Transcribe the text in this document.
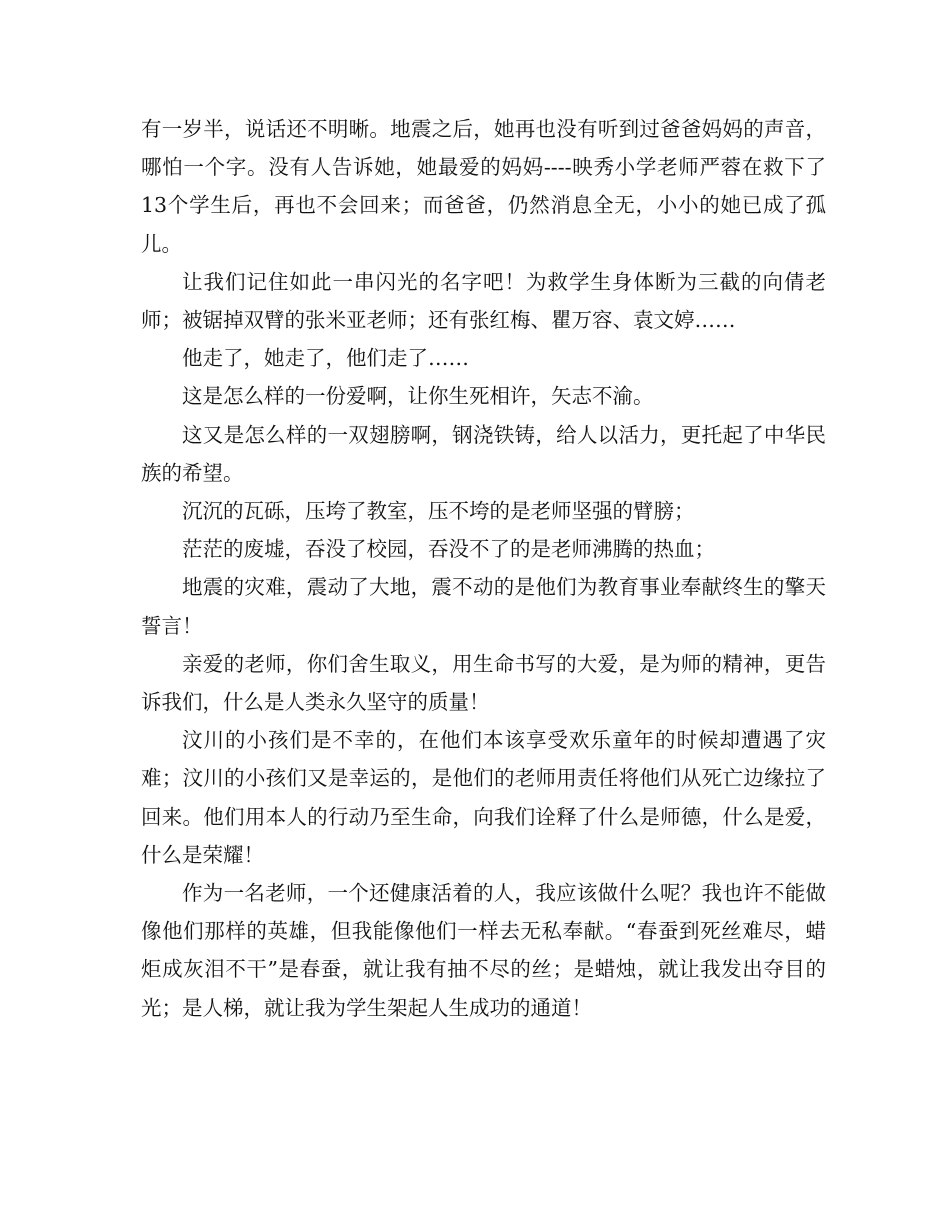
有一岁半，说话还不明晰。地震之后，她再也没有听到过爸爸妈妈的声音，哪怕一个字。没有人告诉她，她最爱的妈妈----映秀小学老师严蓉在救下了13个学生后，再也不会回来；而爸爸，仍然消息全无，小小的她已成了孤儿。

让我们记住如此一串闪光的名字吧！为救学生身体断为三截的向倩老师；被锯掉双臂的张米亚老师；还有张红梅、瞿万容、袁文婷……

他走了，她走了，他们走了……

这是怎么样的一份爱啊，让你生死相许，矢志不渝。

这又是怎么样的一双翅膀啊，钢浇铁铸，给人以活力，更托起了中华民族的希望。

沉沉的瓦砾，压垮了教室，压不垮的是老师坚强的臂膀；

茫茫的废墟，吞没了校园，吞没不了的是老师沸腾的热血；

地震的灾难，震动了大地，震不动的是他们为教育事业奉献终生的擎天誓言！

亲爱的老师，你们舍生取义，用生命书写的大爱，是为师的精神，更告诉我们，什么是人类永久坚守的质量！

汶川的小孩们是不幸的，在他们本该享受欢乐童年的时候却遭遇了灾难；汶川的小孩们又是幸运的，是他们的老师用责任将他们从死亡边缘拉了回来。他们用本人的行动乃至生命，向我们诠释了什么是师德，什么是爱，什么是荣耀！

作为一名老师，一个还健康活着的人，我应该做什么呢？我也许不能做像他们那样的英雄，但我能像他们一样去无私奉献。“春蚕到死丝难尽，蜡炬成灰泪不干”是春蚕，就让我有抽不尽的丝；是蜡烛，就让我发出夺目的光；是人梯，就让我为学生架起人生成功的通道！
